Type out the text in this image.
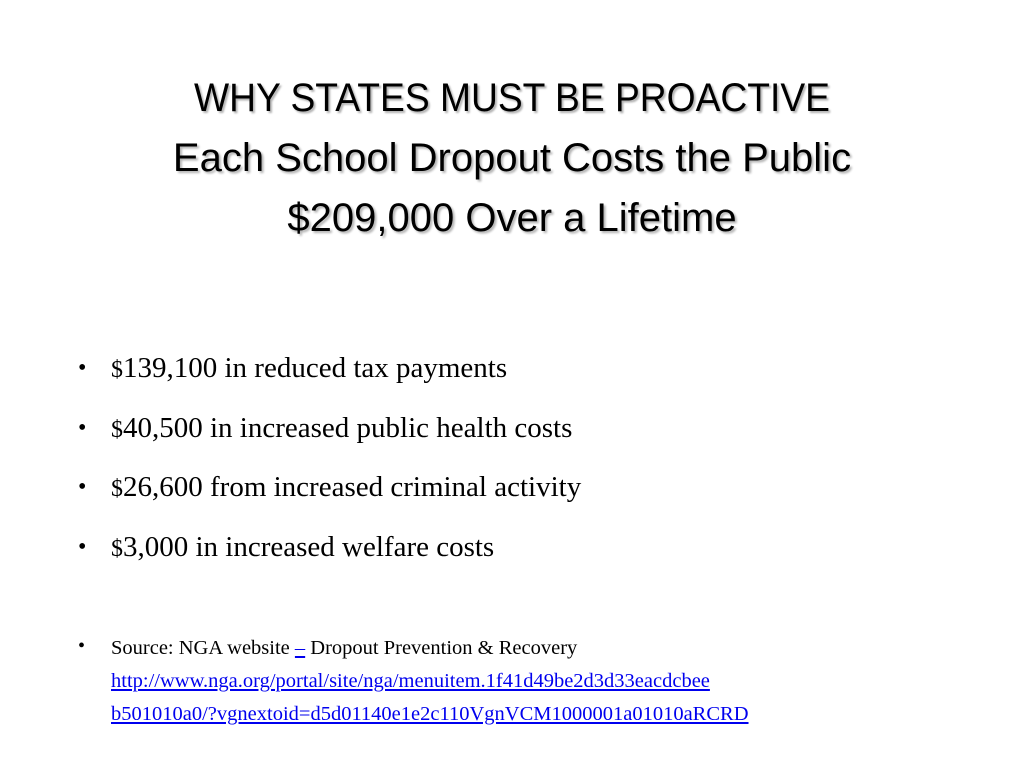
WHY STATES MUST BE PROACTIVE
Each School Dropout Costs the Public
$209,000 Over a Lifetime
• $139,100 in reduced tax payments
• $40,500 in increased public health costs
• $26,600 from increased criminal activity
• $3,000 in increased welfare costs
• Source: NGA website – Dropout Prevention & Recovery
http://www.nga.org/portal/site/nga/menuitem.1f41d49be2d3d33eacdcbee
b501010a0/?vgnextoid=d5d01140e1e2c110VgnVCM1000001a01010aRCRD
